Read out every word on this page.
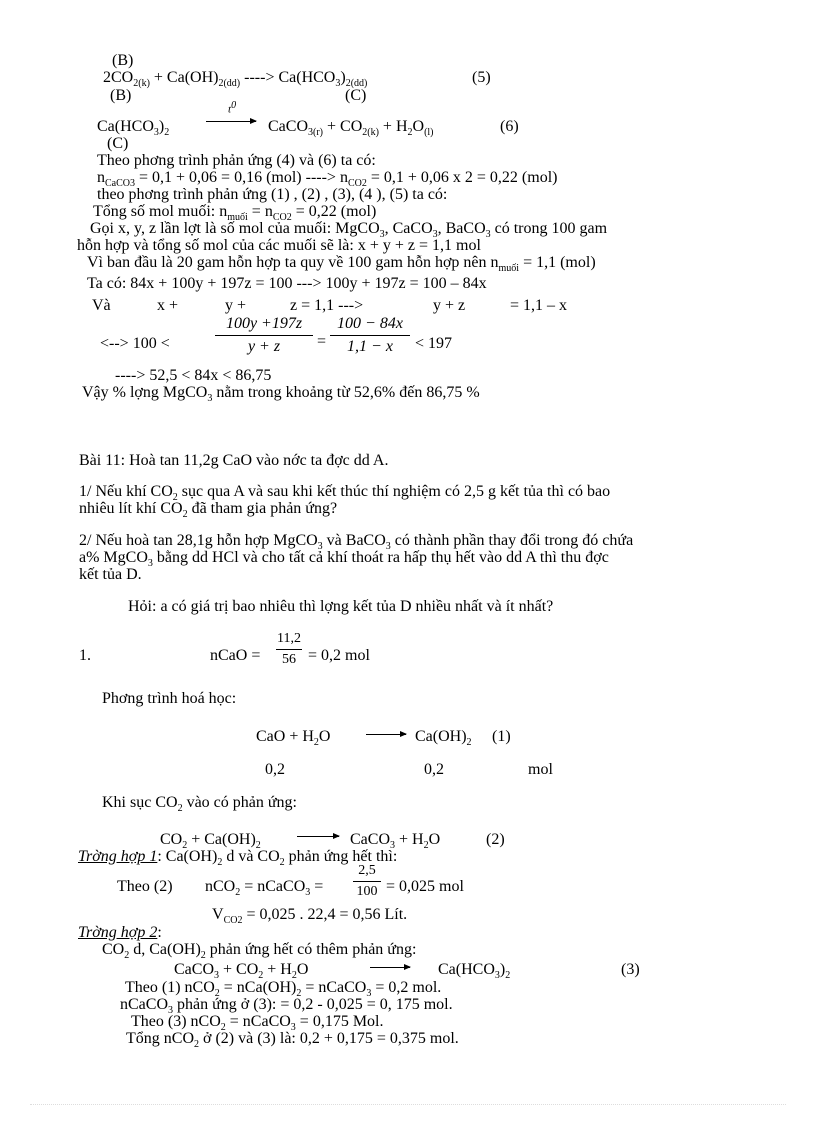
(B)
$2CO_{2(k)} + Ca(OH)_{2(dd)}$ ----> $Ca(HCO_3)_{2(dd)}$	(5)
(B)	(C)
$Ca(HCO_3)_2$
$t^0$
CaCO$_{3(r)}$ + $CO_{2(k)} + H_2O_{(l)}$	(6)
(C)
Theo phơng trình phản ứng (4) và (6) ta có:
$n_{CaCO3} = 0,1 + 0,06 = 0,16$ (mol) ----> $n_{CO2} = 0,1 + 0,06$ x 2 = 0,22 (mol)
theo phơng trình phản ứng (1) , (2) , (3), (4 ), (5) ta có:
Tổng số mol muối: $n_{muối} = n_{CO2} = 0,22$ (mol)
Gọi x, y, z lần lợt là số mol của muối: MgCO$_3$, CaCO$_3$, BaCO$_3$ có trong 100 gam
hỗn hợp và tổng số mol của các muối sẽ là: x + y + z = 1,1 mol
Vì ban đầu là 20 gam hỗn hợp ta quy về 100 gam hỗn hợp nên $n_{muối} = 1,1$ (mol)
Ta có: 84x + 100y + 197z = 100 ---> 100y + 197z = 100 – 84x
Và	x +	y +	z = 1,1 --->	y + z	= 1,1 – x
<--> 100 <
100y +197z
y + z	=
100 − 84x
1,1 − x	< 197
----> 52,5 < 84x < 86,75
Vậy % lợng MgCO$_3$ nằm trong khoảng từ 52,6% đến 86,75 %
Bài 11: Hoà tan 11,2g CaO vào nớc ta đợc dd A.
1/ Nếu khí $CO_2$ sục qua A và sau khi kết thúc thí nghiệm có 2,5 g kết tủa thì có bao
nhiêu lít khí $CO_2$ đã tham gia phản ứng?
2/ Nếu hoà tan 28,1g hỗn hợp MgCO$_3$ và BaCO$_3$ có thành phần thay đổi trong đó chứa
a% MgCO$_3$ bằng dd HCl và cho tất cả khí thoát ra hấp thụ hết vào dd A thì thu đợc
kết tủa D.
Hỏi: a có giá trị bao nhiêu thì lợng kết tủa D nhiều nhất và ít nhất?
1.	nCaO =
11,2
56 = 0,2 mol
Phơng trình hoá học:
CaO + $H_2O$	$Ca(OH)_2$ (1)
0,2	0,2	mol
Khi sục $CO_2$ vào có phản ứng:
$CO_2 + Ca(OH)_2$	CaCO$_3$ + $H_2O$	(2)
Trờng hợp 1: $Ca(OH)_2$ d và $CO_2$ phản ứng hết thì:
Theo (2) nCO$_2$ = nCaCO$_3$ =
2,5
100 = 0,025 mol
$V_{CO2} = 0,025$ . 22,4 = 0,56 Lít.
Trờng hợp 2:
$CO_2$ d, $Ca(OH)_2$ phản ứng hết có thêm phản ứng:
CaCO$_3$ + $CO_2 + H_2O$	$Ca(HCO_3)_2$	(3)
Theo (1) $nCO_2 = nCa(OH)_2$ = nCaCO$_3$ = 0,2 mol.
nCaCO$_3$ phản ứng ở (3): = 0,2 - 0,025 = 0, 175 mol.
Theo (3) nCO$_2$ = nCaCO$_3$ = 0,175 Mol.
Tổng nCO$_2$ ở (2) và (3) là: 0,2 + 0,175 = 0,375 mol.
